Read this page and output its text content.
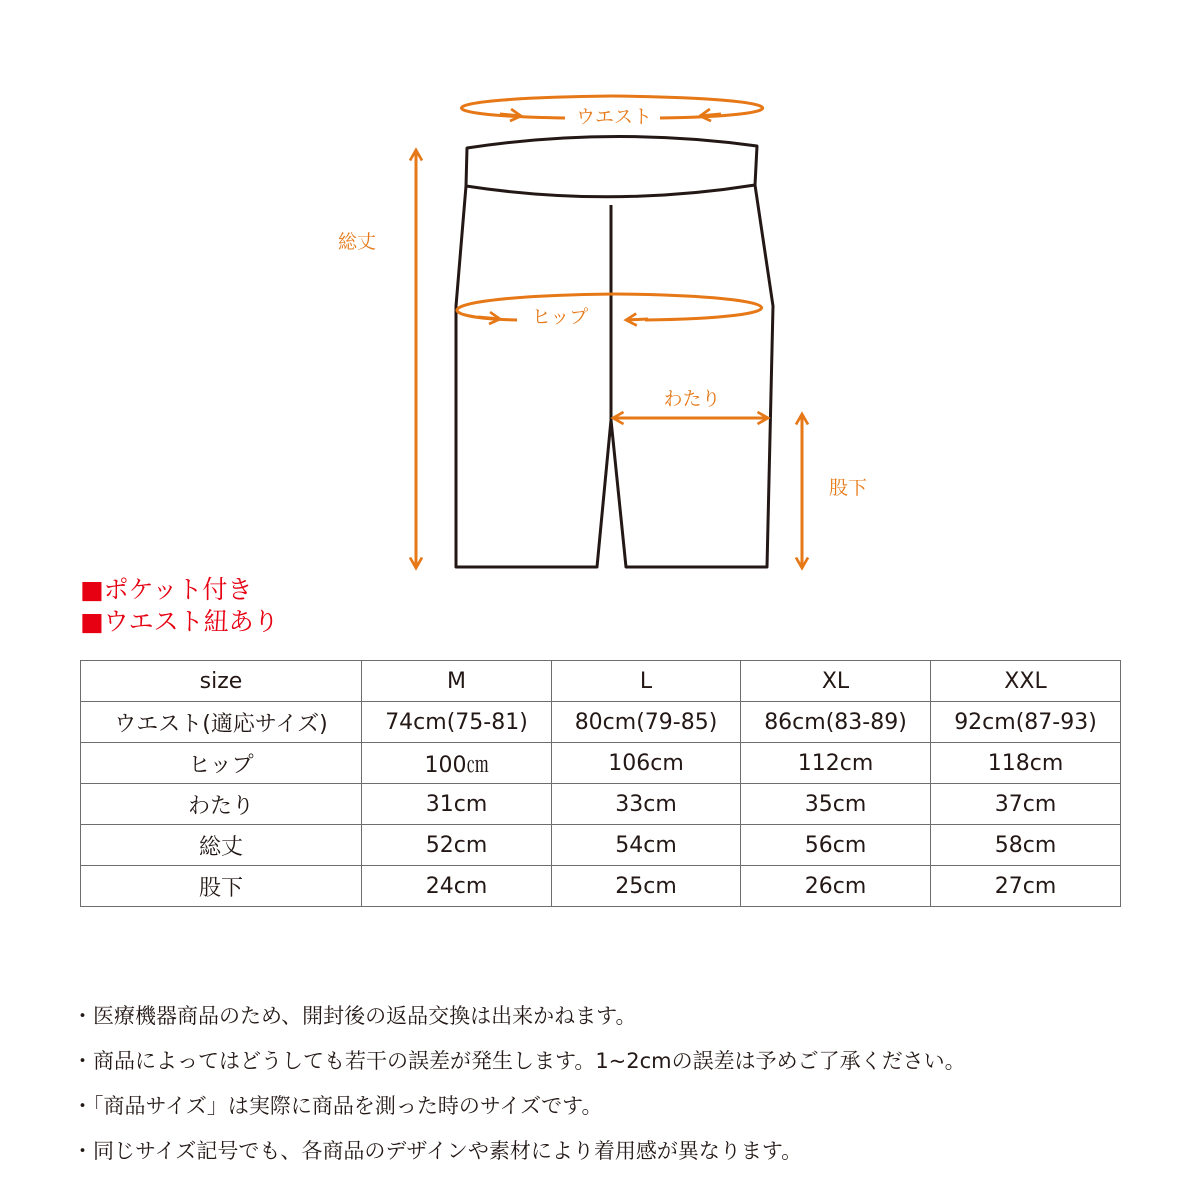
ウエスト
ヒップ
総丈
わたり
股下
■ポケット付き
■ウエスト紐あり
size	M	L	XL	XXL
ウエスト(適応サイズ)	74cm(75-81)	80cm(79-85)	86cm(83-89)	92cm(87-93)
ヒップ	100㎝	106cm	112cm	118cm
わたり	31cm	33cm	35cm	37cm
総丈	52cm	54cm	56cm	58cm
股下	24cm	25cm	26cm	27cm
・医療機器商品のため、開封後の返品交換は出来かねます。
・商品によってはどうしても若干の誤差が発生します。1~2cmの誤差は予めご了承ください。
・「商品サイズ」は実際に商品を測った時のサイズです。
・同じサイズ記号でも、各商品のデザインや素材により着用感が異なります。
